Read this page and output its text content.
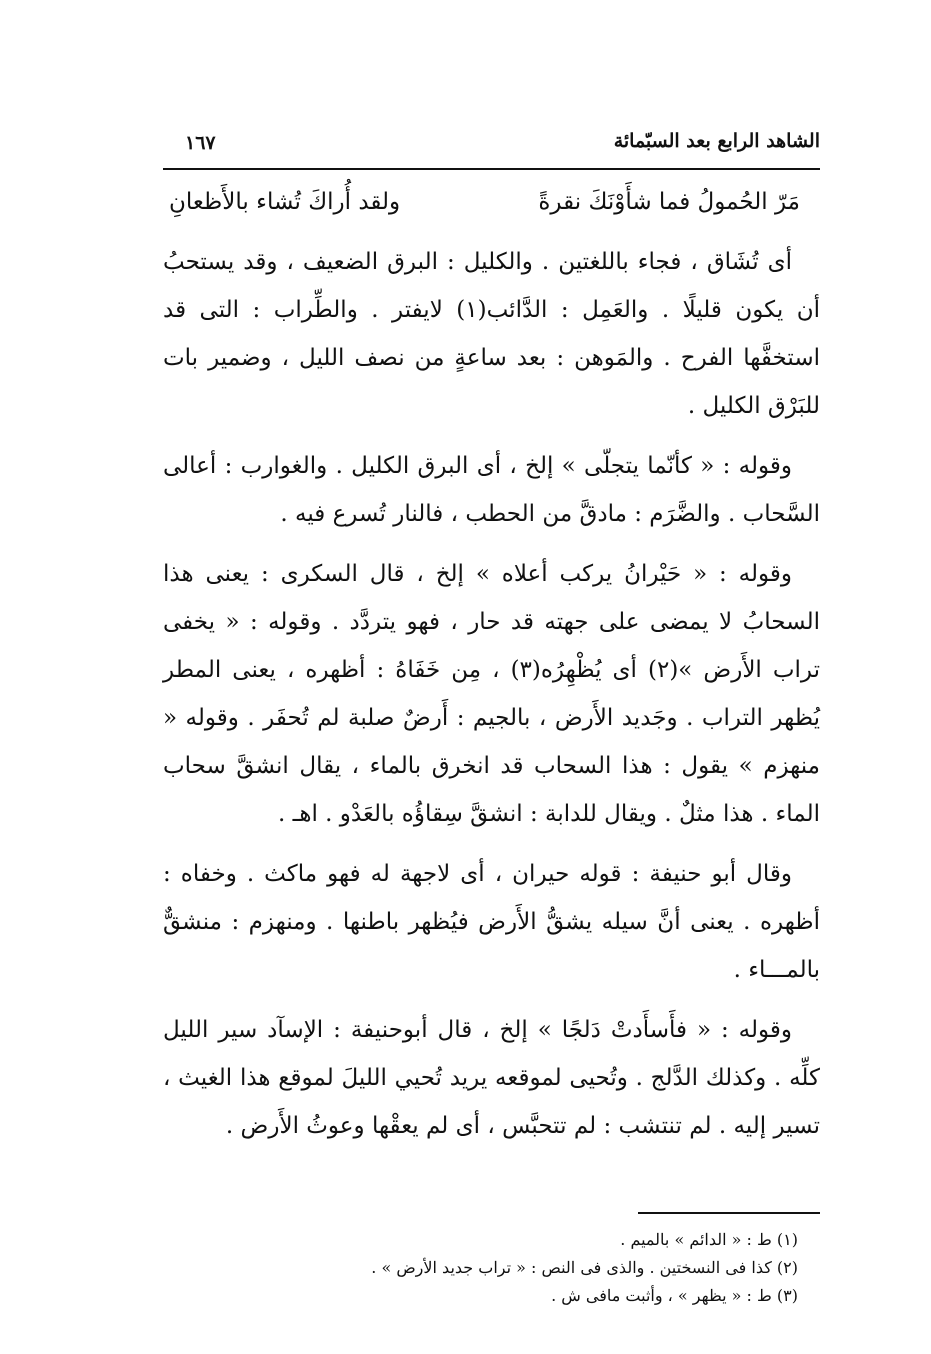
الشاهد الرابع بعد السبّمائة
١٦٧
مَرّ الحُمولُ فما شأَوْنَكَ نقرةً
ولقد أُراكَ تُشاء بالأَظعانِ

أى تُشَاق ، فجاء باللغتين . والكليل : البرق الضعيف ، وقد يستحبُ أن يكون قليلًا . والعَمِل : الدَّائب(١) لايفتر . والطِّراب : التى قد استخفَّها الفرح . والمَوهن : بعد ساعةٍ من نصف الليل ، وضمير بات للبَرْق الكليل .

وقوله : « كأنّما يتجلّى » إلخ ، أى البرق الكليل . والغوارب : أعالى السَّحاب . والضَّرَم : مادقَّ من الحطب ، فالنار تُسرع فيه .

وقوله : « حَيْرانُ يركب أعلاه » إلخ ، قال السكرى : يعنى هذا السحابُ لا يمضى على جهته قد حار ، فهو يتردَّد . وقوله : « يخفى تراب الأَرض »(٢) أى يُظْهِرُه(٣) ، مِن خَفَاهُ : أظهره ، يعنى المطر يُظهر التراب . وجَديد الأَرض ، بالجيم : أَرضٌ صلبة لم تُحفَر . وقوله « منهزم » يقول : هذا السحاب قد انخرق بالماء ، يقال انشقَّ سحاب الماء . هذا مثلٌ . ويقال للدابة : انشقَّ سِقاؤُه بالعَدْو . اهـ .

وقال أبو حنيفة : قوله حيران ، أى لاجهة له فهو ماكث . وخفاه : أظهره . يعنى أنَّ سيله يشقُّ الأَرض فيُظهر باطنها . ومنهزم : منشقٌّ بالمـــاء .

وقوله : « فأَسأَدتْ دَلجًا » إلخ ، قال أبوحنيفة : الإسآد سير الليل كلِّه . وكذلك الدَّلج . وتُحيى لموقعه يريد تُحيي الليلَ لموقع هذا الغيث ، تسير إليه . لم تنتشب : لم تتحبَّس ، أى لم يعقْها وعوثُ الأَرض .

(١) ط : « الدائم » بالميم .
(٢) كذا فى النسختين . والذى فى النص : « تراب جديد الأرض » .
(٣) ط : « يظهر » ، وأثبت مافى ش .
